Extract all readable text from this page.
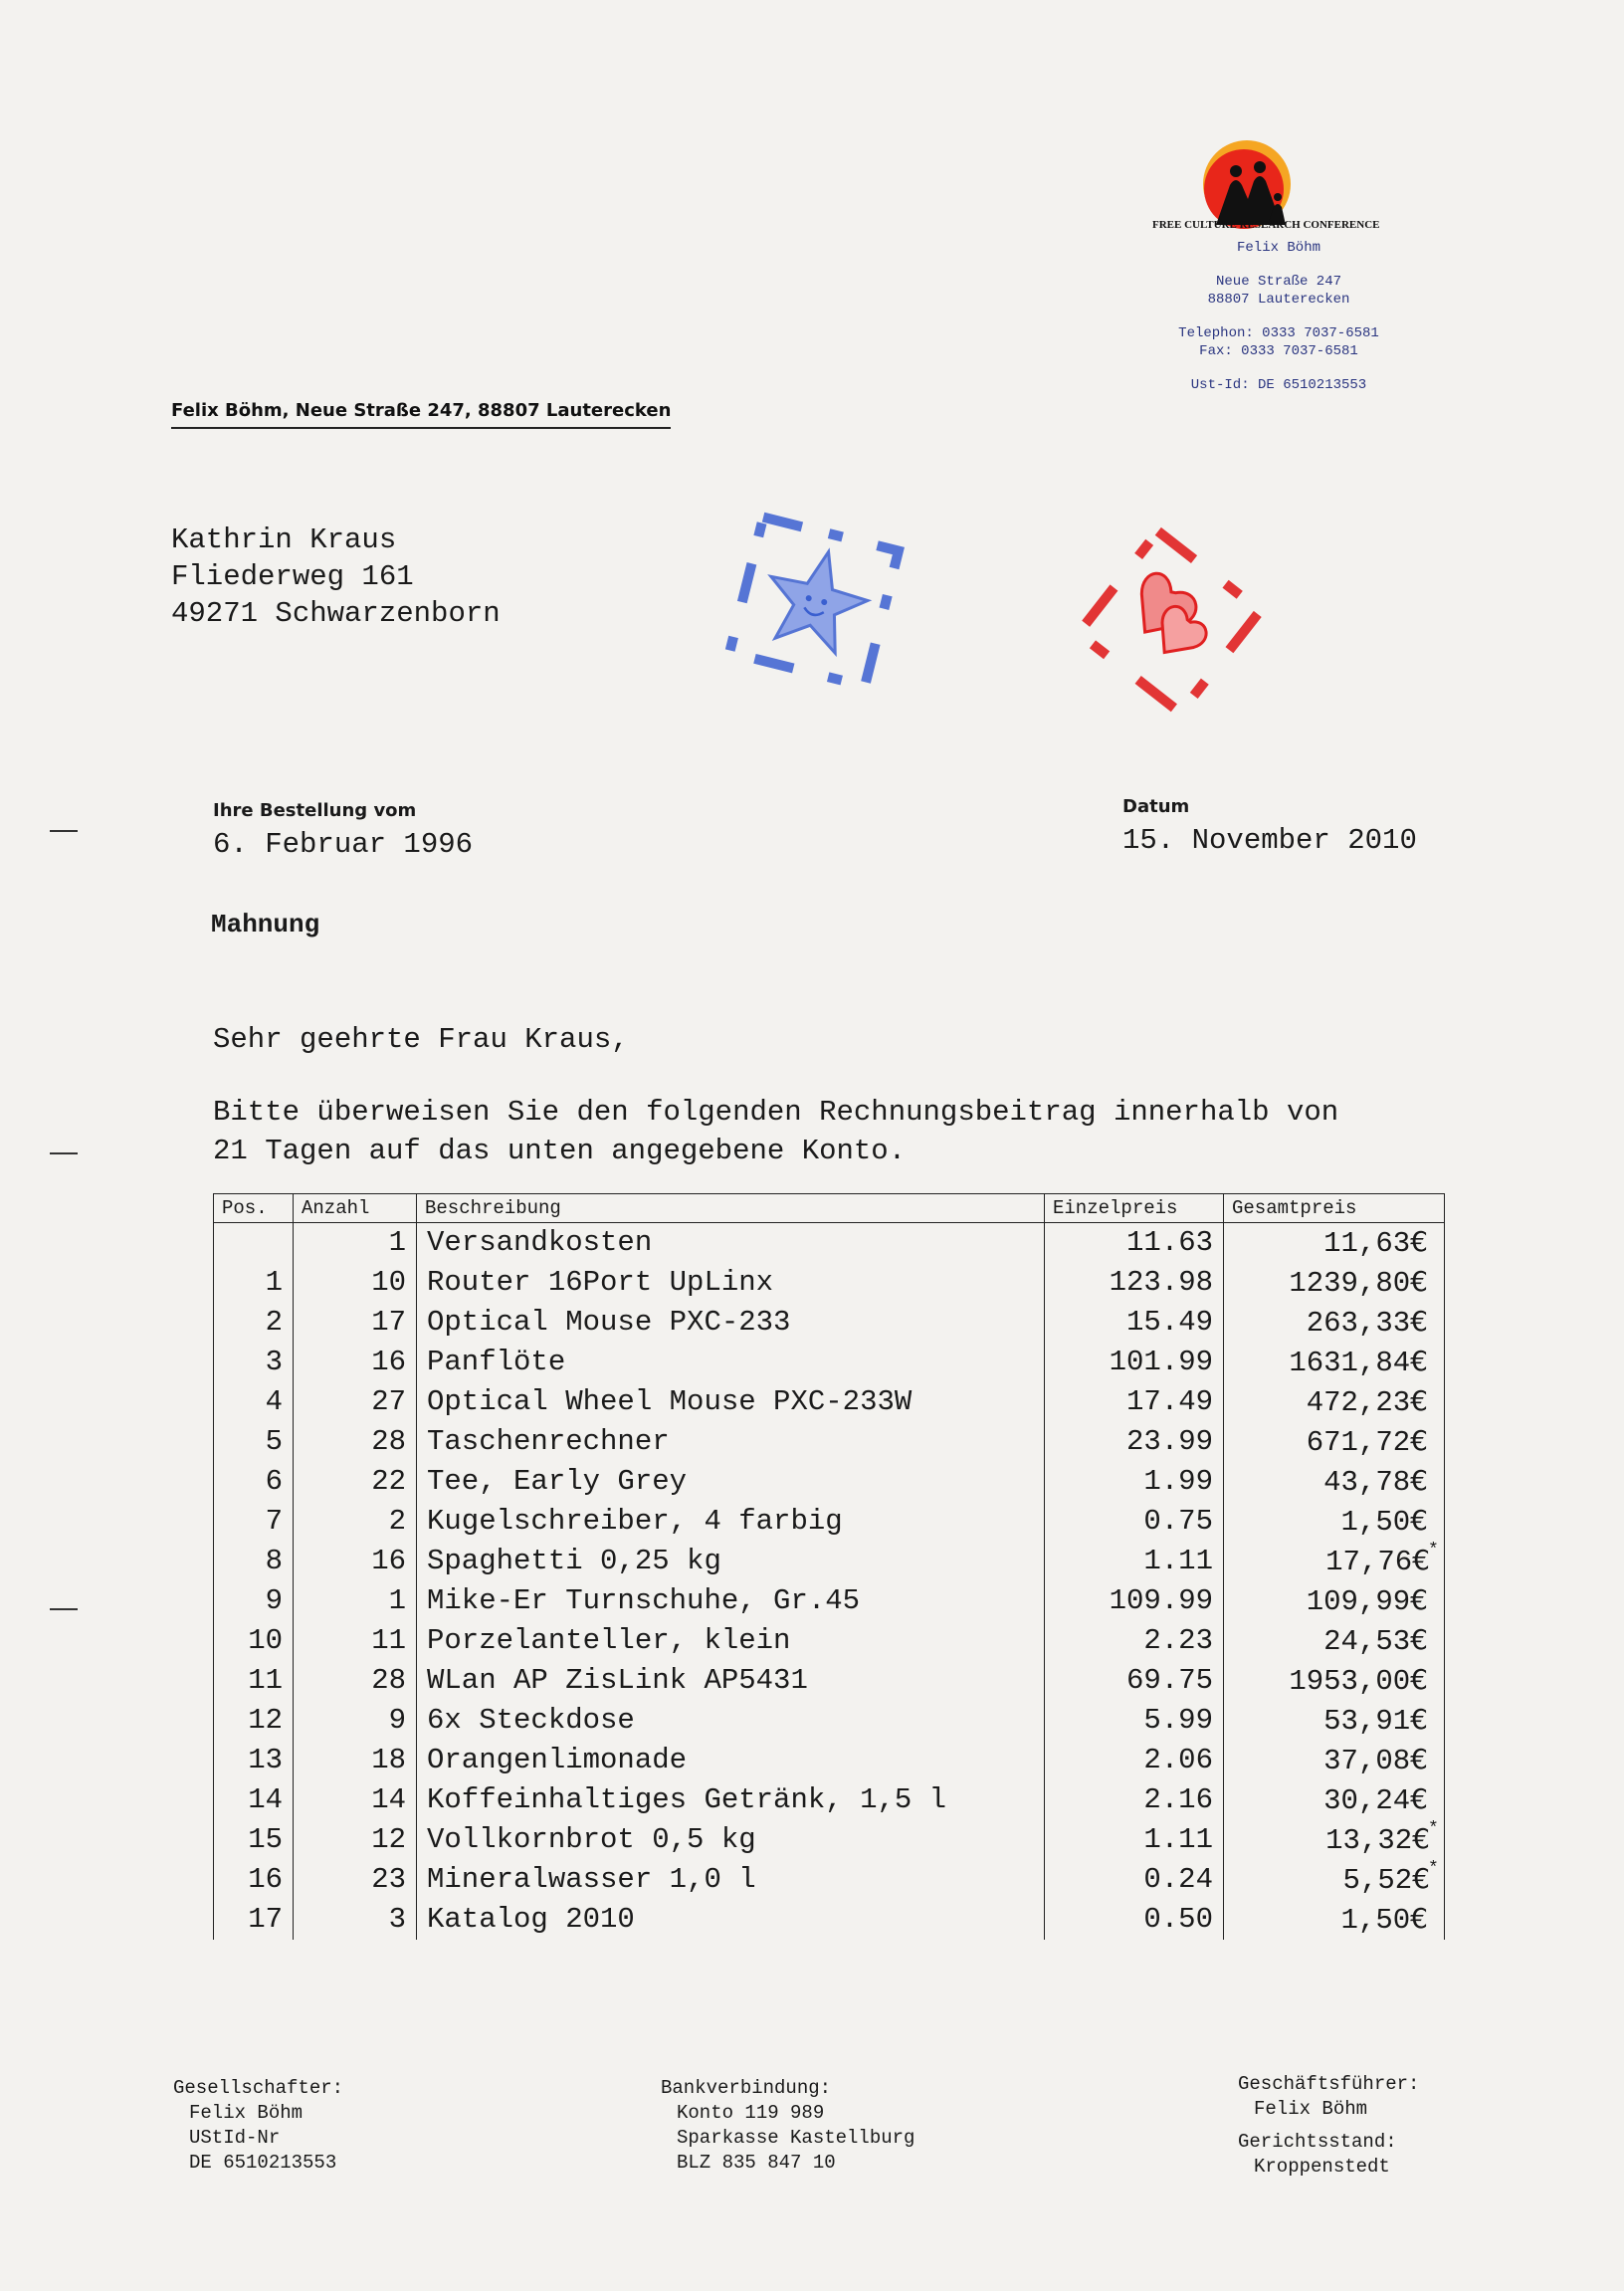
FREE CULTURE RESEARCH CONFERENCE
Felix Böhm
Neue Straße 247
88807 Lauterecken
Telephon: 0333 7037-6581
Fax: 0333 7037-6581
Ust-Id: DE 6510213553
Felix Böhm, Neue Straße 247, 88807 Lauterecken
Kathrin Kraus
Fliederweg 161
49271 Schwarzenborn
Ihre Bestellung vom
6. Februar 1996
Datum
15. November 2010
Mahnung
Sehr geehrte Frau Kraus,
Bitte überweisen Sie den folgenden Rechnungsbeitrag innerhalb von
21 Tagen auf das unten angegebene Konto.
Pos.	Anzahl	Beschreibung	Einzelpreis	Gesamtpreis
	1	Versandkosten	11.63	11,63€
1	10	Router 16Port UpLinx	123.98	1239,80€
2	17	Optical Mouse PXC-233	15.49	263,33€
3	16	Panflöte	101.99	1631,84€
4	27	Optical Wheel Mouse PXC-233W	17.49	472,23€
5	28	Taschenrechner	23.99	671,72€
6	22	Tee, Early Grey	1.99	43,78€
7	2	Kugelschreiber, 4 farbig	0.75	1,50€
8	16	Spaghetti 0,25 kg	1.11	17,76€*
9	1	Mike-Er Turnschuhe, Gr.45	109.99	109,99€
10	11	Porzelanteller, klein	2.23	24,53€
11	28	WLan AP ZisLink AP5431	69.75	1953,00€
12	9	6x Steckdose	5.99	53,91€
13	18	Orangenlimonade	2.06	37,08€
14	14	Koffeinhaltiges Getränk, 1,5 l	2.16	30,24€
15	12	Vollkornbrot 0,5 kg	1.11	13,32€*
16	23	Mineralwasser 1,0 l	0.24	5,52€*
17	3	Katalog 2010	0.50	1,50€
Gesellschafter:
Felix Böhm
UStId-Nr
DE 6510213553
Bankverbindung:
Konto 119 989
Sparkasse Kastellburg
BLZ 835 847 10
Geschäftsführer:
Felix Böhm
Gerichtsstand:
Kroppenstedt
